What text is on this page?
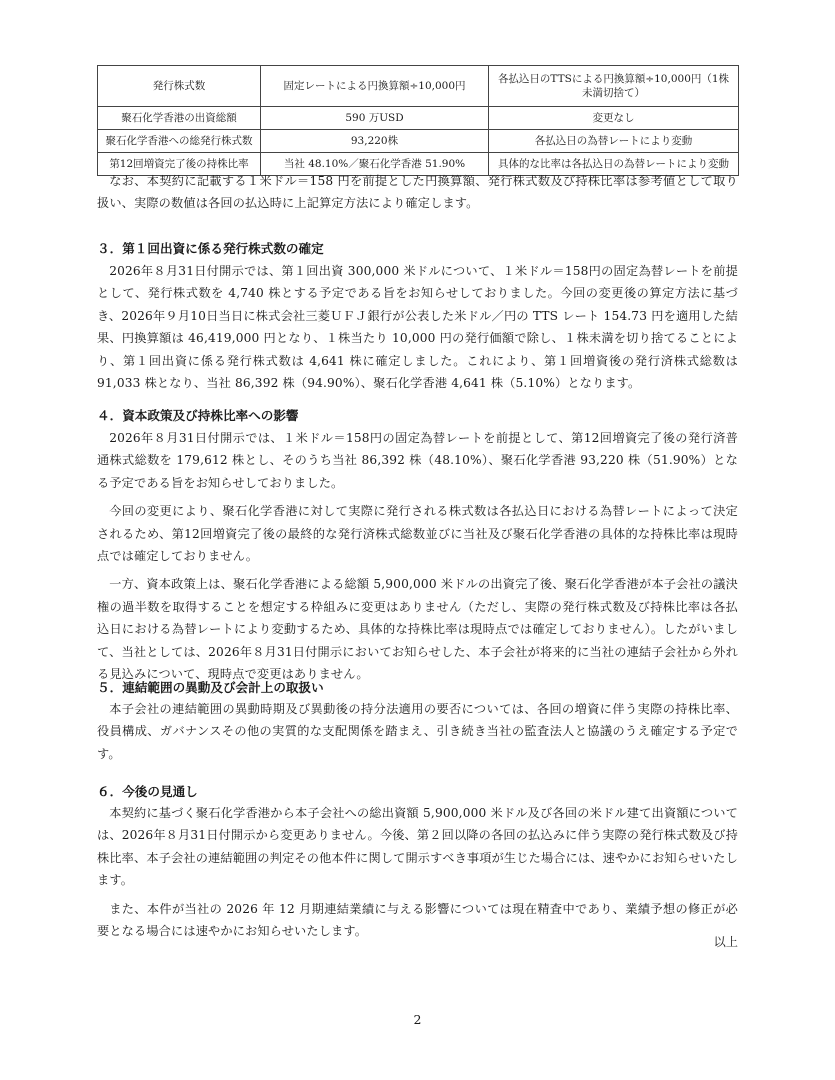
発行株式数	固定レートによる円換算額÷10,000円	各払込日のTTSによる円換算額÷10,000円（1株未満切捨て）
聚石化学香港の出資総額	590 万USD	変更なし
聚石化学香港への総発行株式数	93,220株	各払込日の為替レートにより変動
第12回増資完了後の持株比率	当社 48.10%／聚石化学香港 51.90%	具体的な比率は各払込日の為替レートにより変動

なお、本契約に記載する１米ドル＝158 円を前提とした円換算額、発行株式数及び持株比率は参考値として取り扱い、実際の数値は各回の払込時に上記算定方法により確定します。

３．第１回出資に係る発行株式数の確定

2026年８月31日付開示では、第１回出資 300,000 米ドルについて、１米ドル＝158円の固定為替レートを前提として、発行株式数を 4,740 株とする予定である旨をお知らせしておりました。今回の変更後の算定方法に基づき、2026年９月10日当日に株式会社三菱ＵＦＪ銀行が公表した米ドル／円の TTS レート 154.73 円を適用した結果、円換算額は 46,419,000 円となり、１株当たり 10,000 円の発行価額で除し、１株未満を切り捨てることにより、第１回出資に係る発行株式数は 4,641 株に確定しました。これにより、第１回増資後の発行済株式総数は 91,033 株となり、当社 86,392 株（94.90%）、聚石化学香港 4,641 株（5.10%）となります。

４．資本政策及び持株比率への影響

2026年８月31日付開示では、１米ドル＝158円の固定為替レートを前提として、第12回増資完了後の発行済普通株式総数を 179,612 株とし、そのうち当社 86,392 株（48.10%）、聚石化学香港 93,220 株（51.90%）となる予定である旨をお知らせしておりました。

今回の変更により、聚石化学香港に対して実際に発行される株式数は各払込日における為替レートによって決定されるため、第12回増資完了後の最終的な発行済株式総数並びに当社及び聚石化学香港の具体的な持株比率は現時点では確定しておりません。

一方、資本政策上は、聚石化学香港による総額 5,900,000 米ドルの出資完了後、聚石化学香港が本子会社の議決権の過半数を取得することを想定する枠組みに変更はありません（ただし、実際の発行株式数及び持株比率は各払込日における為替レートにより変動するため、具体的な持株比率は現時点では確定しておりません）。したがいまして、当社としては、2026年８月31日付開示においてお知らせした、本子会社が将来的に当社の連結子会社から外れる見込みについて、現時点で変更はありません。

５．連結範囲の異動及び会計上の取扱い

本子会社の連結範囲の異動時期及び異動後の持分法適用の要否については、各回の増資に伴う実際の持株比率、役員構成、ガバナンスその他の実質的な支配関係を踏まえ、引き続き当社の監査法人と協議のうえ確定する予定です。

６．今後の見通し

本契約に基づく聚石化学香港から本子会社への総出資額 5,900,000 米ドル及び各回の米ドル建て出資額については、2026年８月31日付開示から変更ありません。今後、第２回以降の各回の払込みに伴う実際の発行株式数及び持株比率、本子会社の連結範囲の判定その他本件に関して開示すべき事項が生じた場合には、速やかにお知らせいたします。

また、本件が当社の 2026 年 12 月期連結業績に与える影響については現在精査中であり、業績予想の修正が必要となる場合には速やかにお知らせいたします。

以上
2
